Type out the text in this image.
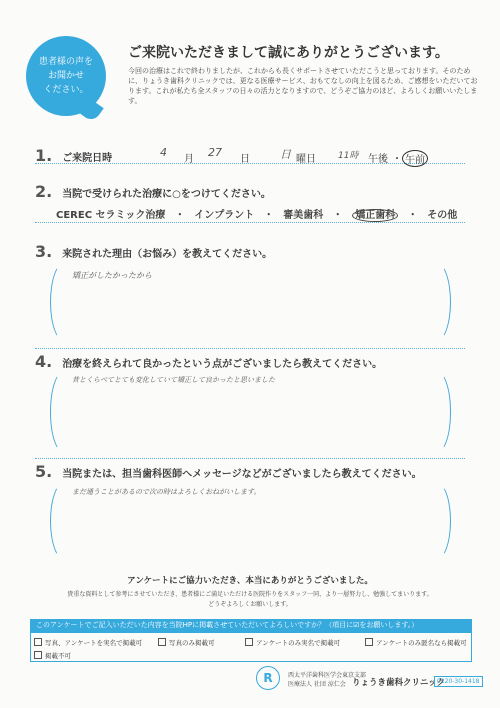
患者様の声を
お聞かせ
ください。
ご来院いただきまして誠にありがとうございます。
今回の治療はこれで終わりましたが、これからも長くサポートさせていただこうと思っております。そのために、りょうき歯科クリニックでは、更なる医療サービス、おもてなしの向上を図るため、ご感想をいただいております。これが私たち全スタッフの日々の活力となりますので、どうぞご協力のほど、よろしくお願いいたします。
1. ご来院日時	4
月
27
日	日 曜日 11時 午後 ・ 午前
2. 当院で受けられた治療に○をつけてください。
CEREC セラミック治療 ・ インプラント ・ 審美歯科 ・ 矯正歯科 ・ その他
3. 来院された理由（お悩み）を教えてください。
矯正がしたかったから
4. 治療を終えられて良かったという点がございましたら教えてください。
昔とくらべてとても変化していて矯正して良かったと思いました
5. 当院または、担当歯科医師へメッセージなどがございましたら教えてください。
まだ通うことがあるので次の時はよろしくおねがいします。
アンケートにご協力いただき、本当にありがとうございました。
貴重な資料として参考にさせていただき、患者様にご満足いただける医院作りをスタッフ一同、より一層努力し、勉強してまいります。
どうぞよろしくお願いします。
このアンケートでご記入いただいた内容を当院HPに掲載させていただいてよろしいですか？（項目に☑をお願いします。）
写真、アンケートを実名で掲載可	写真のみ掲載可	アンケートのみ実名で掲載可	アンケートのみ匿名なら掲載可
掲載不可
R	西太平洋歯科医学会東京支部
医療法人 社団 涼仁会 りょうき歯科クリニック
0120-30-1418
